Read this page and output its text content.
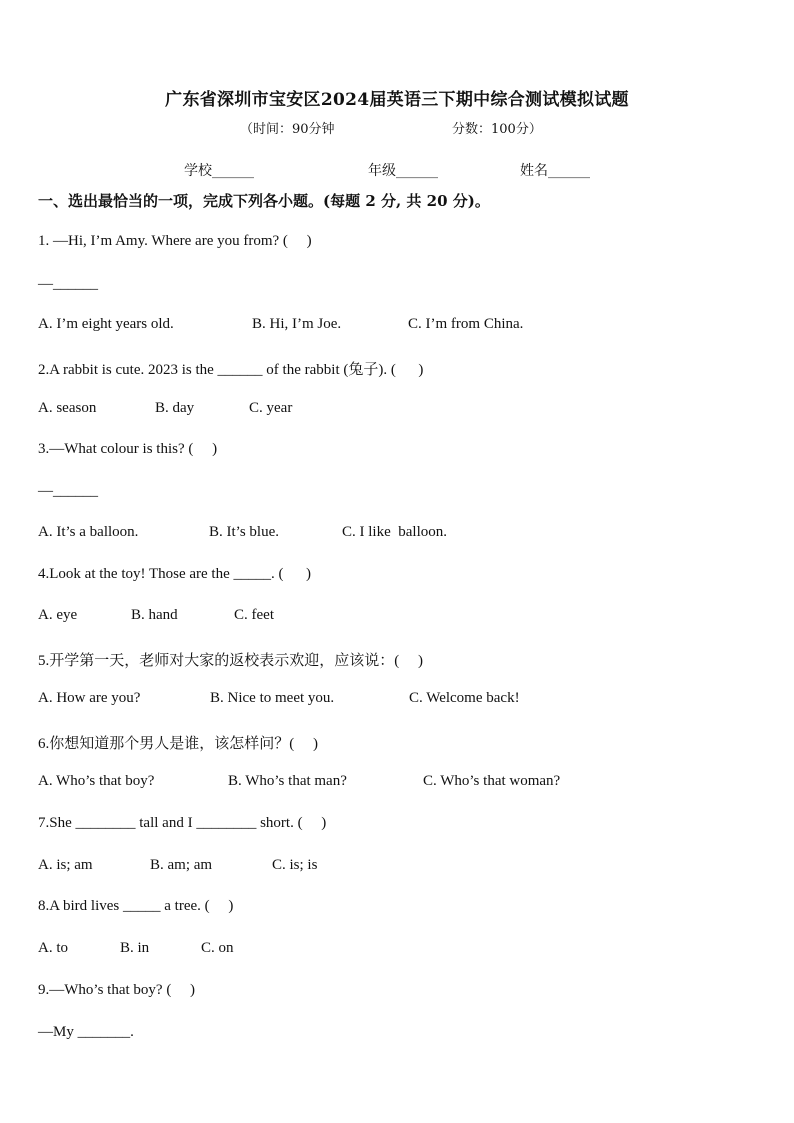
广东省深圳市宝安区2024届英语三下期中综合测试模拟试题
（时间：90分钟	分数：100分）
学校______	年级______	姓名______
一、选出最恰当的一项，完成下列各小题。(每题 2 分, 共 20 分)。
1. —Hi, I’m Amy. Where are you from? (     )
—______
A. I’m eight years old.	B. Hi, I’m Joe.	C. I’m from China.
2.A rabbit is cute. 2023 is the ______ of the rabbit (兔子). (      )
A. season	B. day	C. year
3.—What colour is this? (     )
—______
A. It’s a balloon.	B. It’s blue.	C. I like  balloon.
4.Look at the toy! Those are the _____. (      )
A. eye	B. hand	C. feet
5.开学第一天，老师对大家的返校表示欢迎，应该说：(     )
A. How are you?	B. Nice to meet you.	C. Welcome back!
6.你想知道那个男人是谁，该怎样问？(     )
A. Who’s that boy?	B. Who’s that man?	C. Who’s that woman?
7.She ________ tall and I ________ short. (     )
A. is; am	B. am; am	C. is; is
8.A bird lives _____ a tree. (     )
A. to	B. in	C. on
9.—Who’s that boy? (     )
—My _______.
